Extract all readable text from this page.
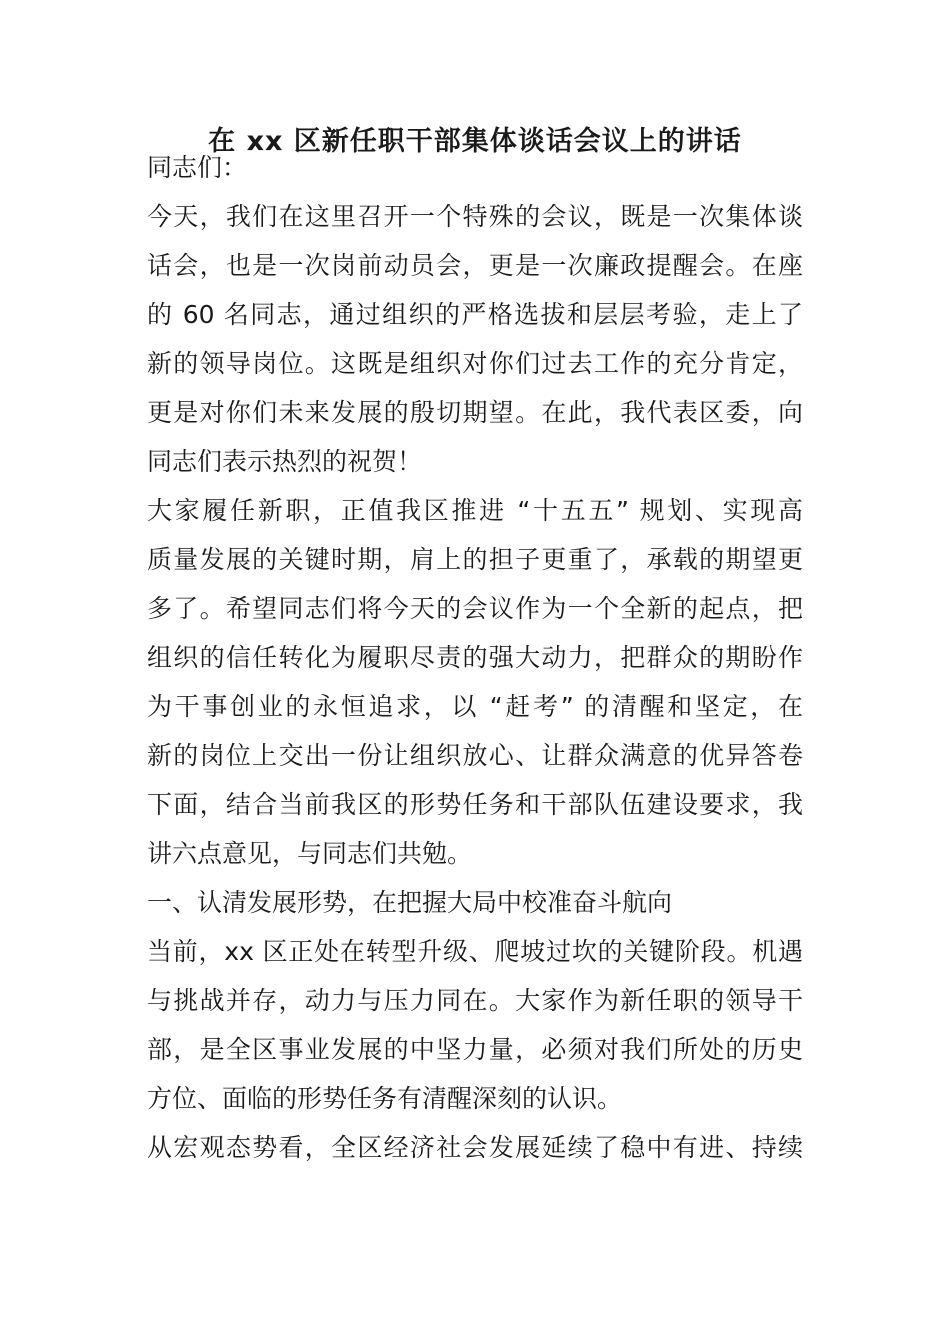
在 xx 区新任职干部集体谈话会议上的讲话
同志们：
今天，我们在这里召开一个特殊的会议，既是一次集体谈
话会，也是一次岗前动员会，更是一次廉政提醒会。在座
的 60 名同志，通过组织的严格选拔和层层考验，走上了
新的领导岗位。这既是组织对你们过去工作的充分肯定，
更是对你们未来发展的殷切期望。在此，我代表区委，向
同志们表示热烈的祝贺！
大家履任新职，正值我区推进 “十五五” 规划、实现高
质量发展的关键时期，肩上的担子更重了，承载的期望更
多了。希望同志们将今天的会议作为一个全新的起点，把
组织的信任转化为履职尽责的强大动力，把群众的期盼作
为干事创业的永恒追求，以 “赶考” 的清醒和坚定，在
新的岗位上交出一份让组织放心、让群众满意的优异答卷
下面，结合当前我区的形势任务和干部队伍建设要求，我
讲六点意见，与同志们共勉。
一、认清发展形势，在把握大局中校准奋斗航向
当前，xx 区正处在转型升级、爬坡过坎的关键阶段。机遇
与挑战并存，动力与压力同在。大家作为新任职的领导干
部，是全区事业发展的中坚力量，必须对我们所处的历史
方位、面临的形势任务有清醒深刻的认识。
从宏观态势看，全区经济社会发展延续了稳中有进、持续
